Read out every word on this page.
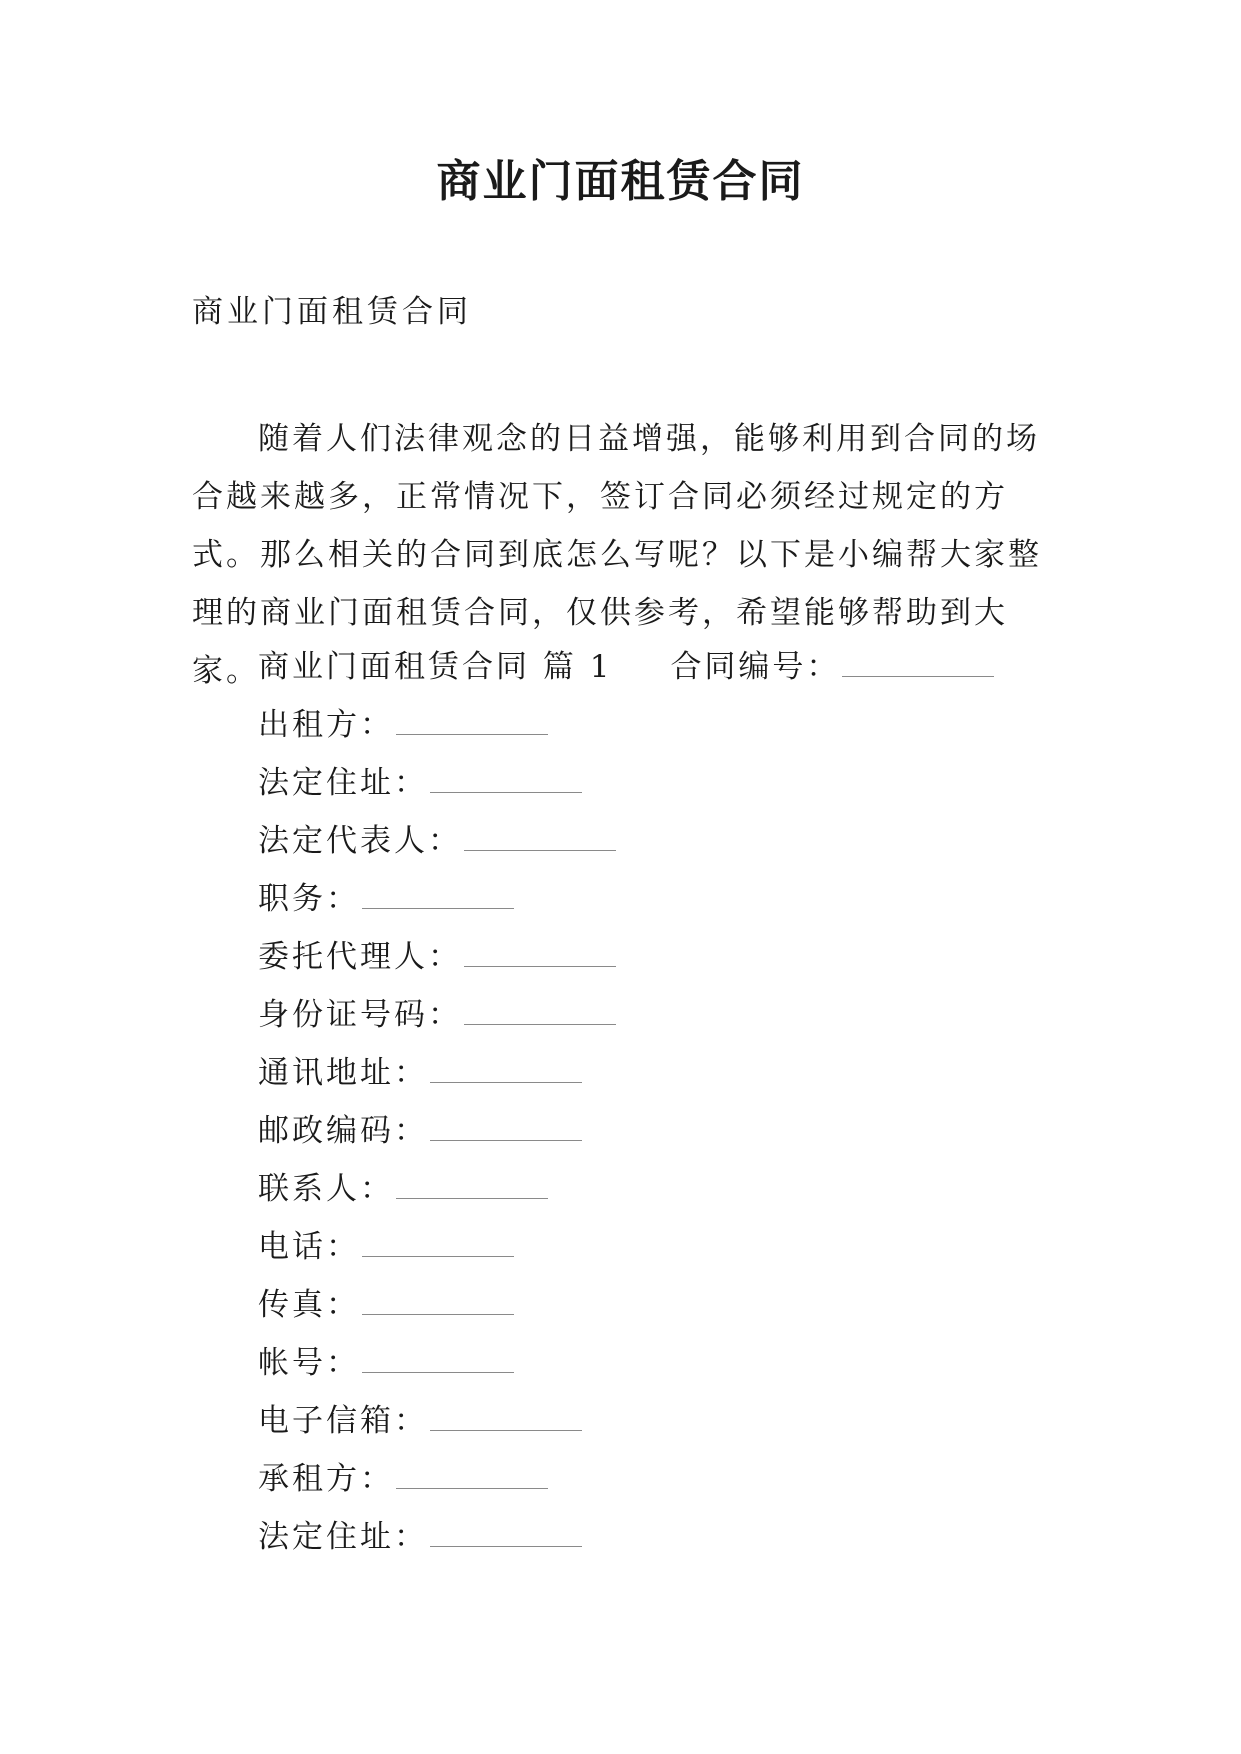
商业门面租赁合同
商业门面租赁合同

随着人们法律观念的日益增强，能够利用到合同的场合越来越多，正常情况下，签订合同必须经过规定的方式。那么相关的合同到底怎么写呢？以下是小编帮大家整理的商业门面租赁合同，仅供参考，希望能够帮助到大家。

商业门面租赁合同 篇 1 合同编号：
出租方：
法定住址：
法定代表人：
职务：
委托代理人：
身份证号码：
通讯地址：
邮政编码：
联系人：
电话：
传真：
帐号：
电子信箱：
承租方：
法定住址：
